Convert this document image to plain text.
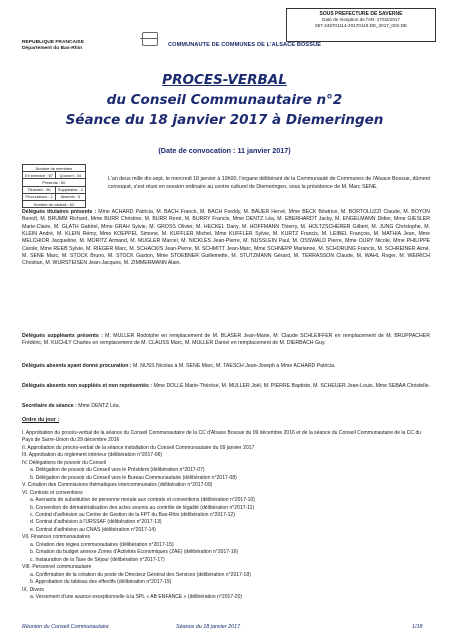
SOUS PREFECTURE DE SAVERNE
Date de réception de l'AR: 27/02/2017
067-246701114-20170118-DE_2017_002-DE
REPUBLIQUE FRANCAISE
Département du Bas-Rhin
COMMUNAUTE DE COMMUNES DE L'ALSACE BOSSUE
PROCES-VERBAL
du Conseil Communautaire n°2
Séance du 18 janvier 2017 à Diemeringen
(Date de convocation : 11 janvier 2017)
Nombre de membres	
En exercice : 67	Quorum : 34
Présents : 60	
Titulaires : 56	Suppléants : 4
Procurations : 2	Absents : 5
Nombre de votants : 62	
L'an deux mille dix-sept, le mercredi 18 janvier à 19h00, l'organe délibérant de la Communauté de Communes de l'Alsace Bossue, dûment convoqué, s'est réuni en session ordinaire au centre culturel de Diemeringen, sous la présidence de M. Marc SENE.
Délégués titulaires présents : Mme ACHARD Patricia, M. BACH Franck, M. BACH Freddy, M. BAUER Hervé, Mme BECK Béatrice, M. BORTOLUZZI Claude, M. BOYON Benoît, M. BRUMM Richard, Mme BURR Christine, M. BURR René, M. BURRY Francis, Mme DENTZ Léa, M. EBERHARDT Jacky, M. ENGELMANN Didier, Mme GIESLER Marie-Claire, M. GLATH Gabriel, Mme GRAH Sylvie, M. GROSS Olivier, M. HECKEL Dany, M. HOFFMANN Thierry, M. HOLTZSCHERER Gilbert, M. JUNG Christophe, M. KLEIN André, M. KLEIN Rémy, Mme KOEPPEL Simone, M. KUFFLER Michel, Mme KUFFLER Sylvie, M. KURTZ Francis, M. LEIBEL François, M. MATHIA Jean, Mme MELCHIOR Jacqueline, M. MORITZ Armand, M. MUGLER Marcel, M. NICKLES Jean-Pierre, M. NUSSLEIN Paul, M. OSSWALD Pierre, Mme OURY Nicole, Mme PHILIPPE Carole, Mme REEB Sylvie, M. RIEGER Marc, M. SCHACKIS Jean-Pierre, M. SCHMITT Jean-Marc, Mme SCHNEPP Marianne, M. SCHORUNG Francis, M. SCHREINER Aimé, M. SENE Marc, M. STOCK Bruno, M. STOCK Gaston, Mme STOEBNER Guillemette, M. STUTZMANN Gérard, M. TERRASSON Claude, M. WAHL Roger, M. WEIRICH Christian, M. WURSTEISEN Jean-Jacques, M. ZIMMERMANN Alain.
Délégués suppléants présents : M. MULLER Rodolphe en remplacement de M. BLASER Jean-Marie, M. Claude SCHLEIFFER en remplacement de M. BRUPPACHER Frédéric, M. KUCHLY Charles en remplacement de M. CLAUSS Marc, M. MULLER Daniel en remplacement de M. DIERBACH Guy.
Délégués absents ayant donné procuration : M. NUSS Nicolas à M. SENE Marc, M. TAESCH Jean-Joseph à Mme ACHARD Patricia.
Délégués absents non suppléés et non représentés : Mme DOLLE Marie-Thérèse, M. MULLER Joël, M. PIERRE Baptiste, M. SCHEUER Jean-Louis, Mme SEBAA Christelle.
Secrétaire de séance : Mme DENTZ Léa.
Ordre du jour :
I. Approbation du procès-verbal de la séance du Conseil Communautaire de la CC d'Alsace Bossue du 09 décembre 2016 et de la séance du Conseil Communautaire de la CC du Pays de Sarre-Union du 29 décembre 2016
II. Approbation du procès-verbal de la séance installation du Conseil Communautaire du 09 janvier 2017
III. Approbation du règlement intérieur (délibération n°2017-06)
IV. Délégations de pouvoir du Conseil
a. Délégation de pouvoir du Conseil vers le Président (délibération n°2017-07)
b. Délégation de pouvoir du Conseil vers le Bureau Communautaire (délibération n°2017-08)
V. Création des Commissions thématiques intercommunales (délibération n°2017-09)
VI. Contrats et conventions
a. Avenants de substitution de personne morale aux contrats et conventions (délibération n°2017-10)
b. Convention de dématérialisation des actes soumis au contrôle de légalité (délibération n°2017-11)
c. Contrat d'adhésion au Centre de Gestion de la FPT du Bas-Rhin (délibération n°2017-12)
d. Contrat d'adhésion à l'URSSAF (délibération n°2017-13)
e. Contrat d'adhésion au CNAS (délibération n°2017-14)
VII. Finances communautaires
a. Création des régies communautaires (délibération n°2017-15)
b. Création du budget annexe Zones d'Activités Economiques (ZAE) (délibération n°2017-16)
c. Instauration de la Taxe de Séjour (délibération n°2017-17)
VIII. Personnel communautaire
a. Confirmation de la création du poste de Directeur Général des Services (délibération n°2017-18)
b. Approbation du tableau des effectifs (délibération n°2017-19)
IX. Divers
a. Versement d'une avance exceptionnelle à la SPL « AB ENFANCE » (délibération n°2017-20)
Réunion du Conseil Communautaire	Séance du 18 janvier 2017	1/18
